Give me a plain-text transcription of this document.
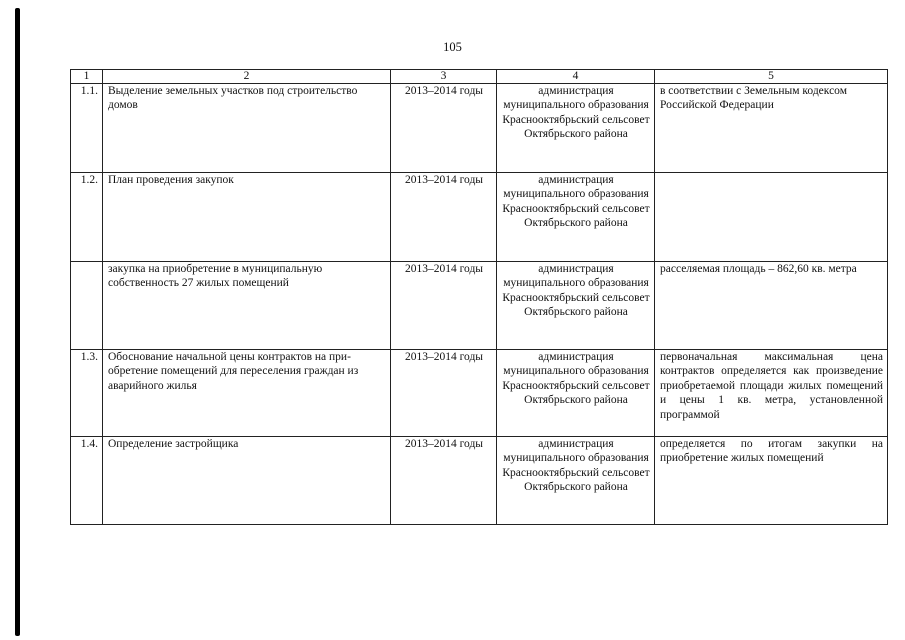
105
1	2	3	4	5
1.1.	Выделение земельных участков под строительство домов	2013–2014 годы	администрация муниципального образования Краснооктябрьский сельсовет Октябрьского района	в соответствии с Земельным кодексом Российской Федерации
1.2.	План проведения закупок	2013–2014 годы	администрация муниципального образования Краснооктябрьский сельсовет Октябрьского района	
	закупка на приобретение в муниципальную собственность 27 жилых помещений	2013–2014 годы	администрация муниципального образования Краснооктябрьский сельсовет Октябрьского района	расселяемая площадь – 862,60 кв. метра
1.3.	Обоснование начальной цены контрактов на при-обретение помещений для переселения граждан из аварийного жилья	2013–2014 годы	администрация муниципального образования Краснооктябрьский сельсовет Октябрьского района	первоначальная максимальная цена контрактов определяется как произведение приобретаемой площади жилых помещений и цены 1 кв. метра, установленной программой
1.4.	Определение застройщика	2013–2014 годы	администрация муниципального образования Краснооктябрьский сельсовет Октябрьского района	определяется по итогам закупки на приобретение жилых помещений
